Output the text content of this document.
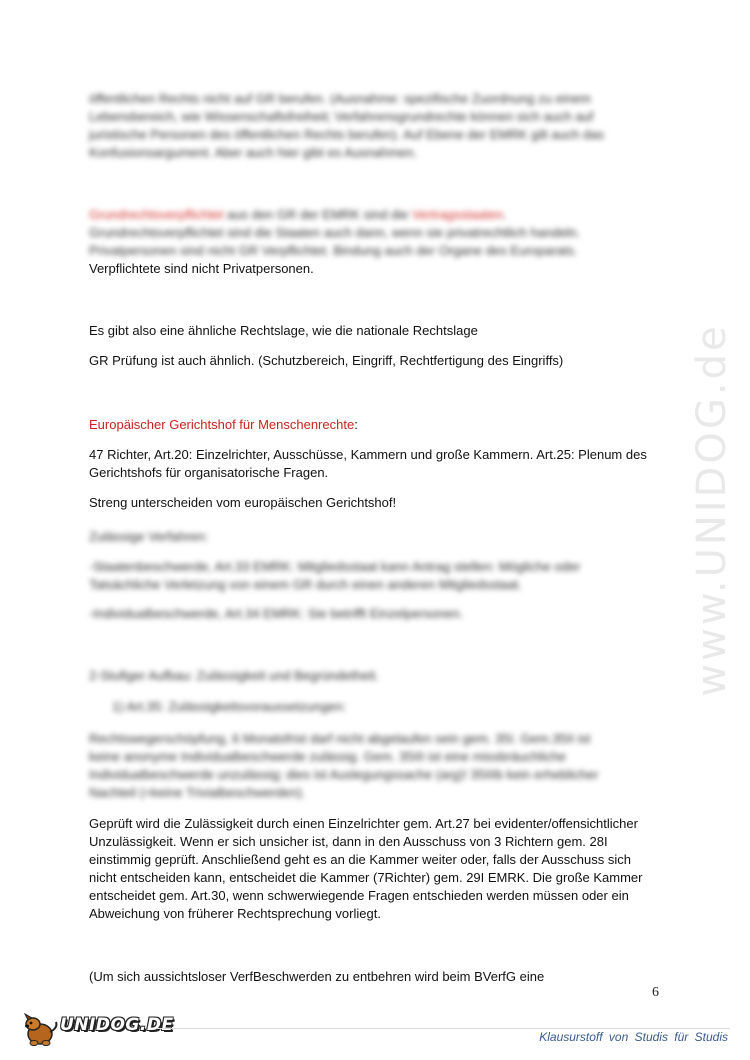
www.UNIDOG.de
öffentlichen Rechts nicht auf GR berufen. (Ausnahme: spezifische Zuordnung zu einem
Lebensbereich, wie Wissenschaftsfreiheit; Verfahrensgrundrechte können sich auch auf
juristische Personen des öffentlichen Rechts berufen). Auf Ebene der EMRK gilt auch das
Konfusionsargument. Aber auch hier gibt es Ausnahmen.
Grundrechtsverpflichtet aus den GR der EMRK sind die Vertragsstaaten.
Grundrechtsverpflichtet sind die Staaten auch dann, wenn sie privatrechtlich handeln.
Privatpersonen sind nicht GR Verpflichtet. Bindung auch der Organe des Europarats.
Verpflichtete sind nicht Privatpersonen.

Es gibt also eine ähnliche Rechtslage, wie die nationale Rechtslage

GR Prüfung ist auch ähnlich. (Schutzbereich, Eingriff, Rechtfertigung des Eingriffs)

Europäischer Gerichtshof für Menschenrechte:

47 Richter, Art.20: Einzelrichter, Ausschüsse, Kammern und große Kammern. Art.25: Plenum des Gerichtshofs für organisatorische Fragen.

Streng unterscheiden vom europäischen Gerichtshof!

Zulässige Verfahren:

-Staatenbeschwerde, Art.33 EMRK: Mitgliedsstaat kann Antrag stellen: Mögliche oder Tatsächliche Verletzung von einem GR durch einen anderen Mitgliedsstaat.

-Individualbeschwerde, Art.34 EMRK: Sie betrifft Einzelpersonen.

2-Stufiger Aufbau: Zulässigkeit und Begründetheit.

1) Art.35: Zulässigkeitsvoraussetzungen:
Rechtswegerschöpfung, 6 Monatsfrist darf nicht abgelaufen sein gem. 35I. Gem.35II ist
keine anonyme Individualbeschwerde zulässig. Gem. 35III ist eine missbräuchliche
Individualbeschwerde unzulässig; dies ist Auslegungssache (arg)! 35IIIb kein erheblicher
Nachteil (=keine Trivialbeschwerden).

Geprüft wird die Zulässigkeit durch einen Einzelrichter gem. Art.27 bei evidenter/offensichtlicher Unzulässigkeit. Wenn er sich unsicher ist, dann in den Ausschuss von 3 Richtern gem. 28I einstimmig geprüft. Anschließend geht es an die Kammer weiter oder, falls der Ausschuss sich nicht entscheiden kann, entscheidet die Kammer (7Richter) gem. 29I EMRK. Die große Kammer entscheidet gem. Art.30, wenn schwerwiegende Fragen entschieden werden müssen oder ein Abweichung von früherer Rechtsprechung vorliegt.

(Um sich aussichtsloser VerfBeschwerden zu entbehren wird beim BVerfG eine

6
UNIDOG.DE
Klausurstoff von Studis für Studis
